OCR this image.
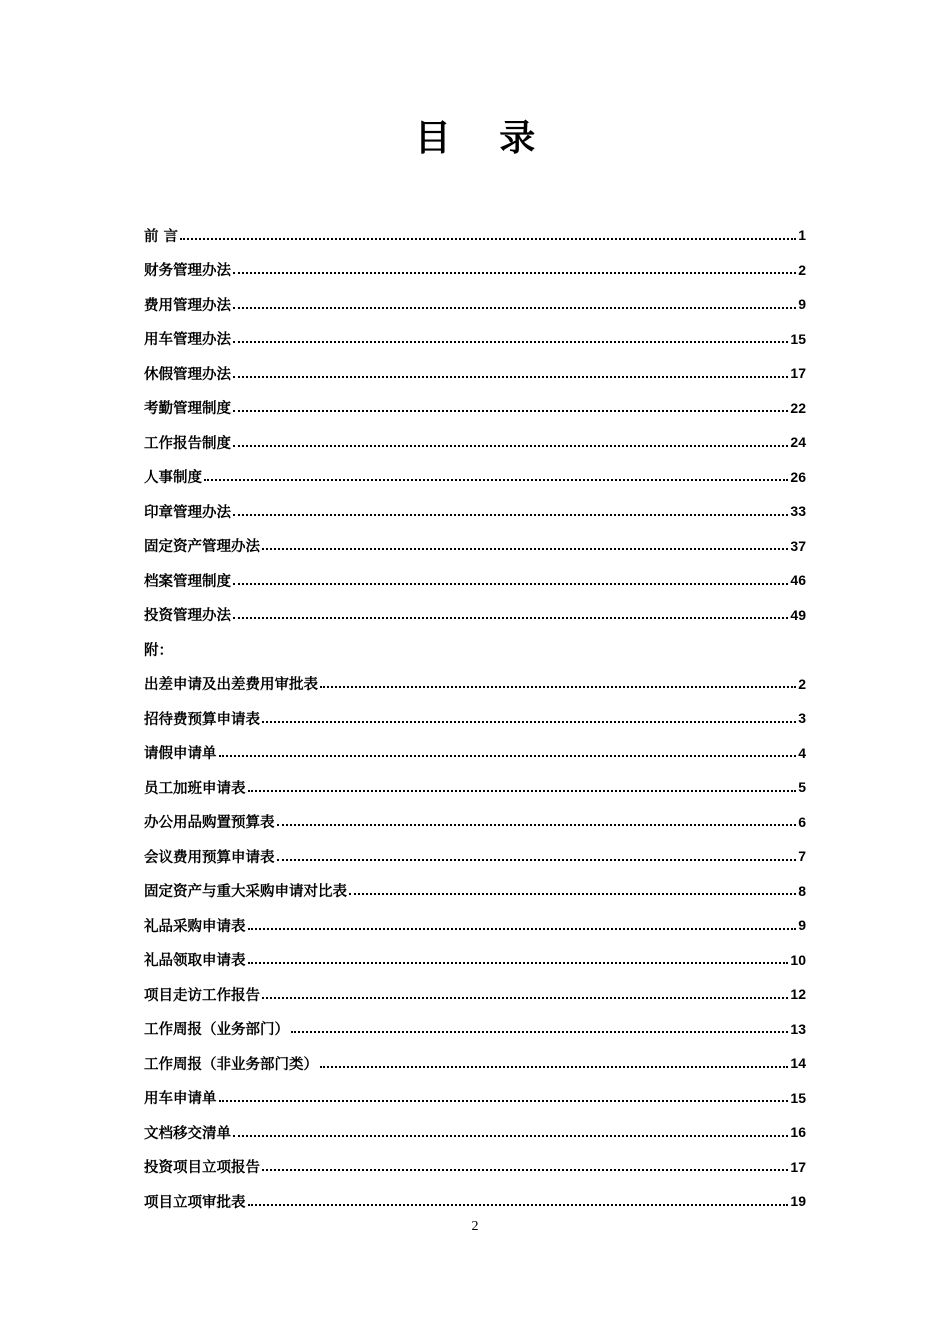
目 录
前 言	1
财务管理办法	2
费用管理办法	9
用车管理办法	15
休假管理办法	17
考勤管理制度	22
工作报告制度	24
人事制度	26
印章管理办法	33
固定资产管理办法	37
档案管理制度	46
投资管理办法	49
附：
出差申请及出差费用审批表	2
招待费预算申请表	3
请假申请单	4
员工加班申请表	5
办公用品购置预算表	6
会议费用预算申请表	7
固定资产与重大采购申请对比表	8
礼品采购申请表	9
礼品领取申请表	10
项目走访工作报告	12
工作周报（业务部门）	13
工作周报（非业务部门类）	14
用车申请单	15
文档移交清单	16
投资项目立项报告	17
项目立项审批表	19
2
